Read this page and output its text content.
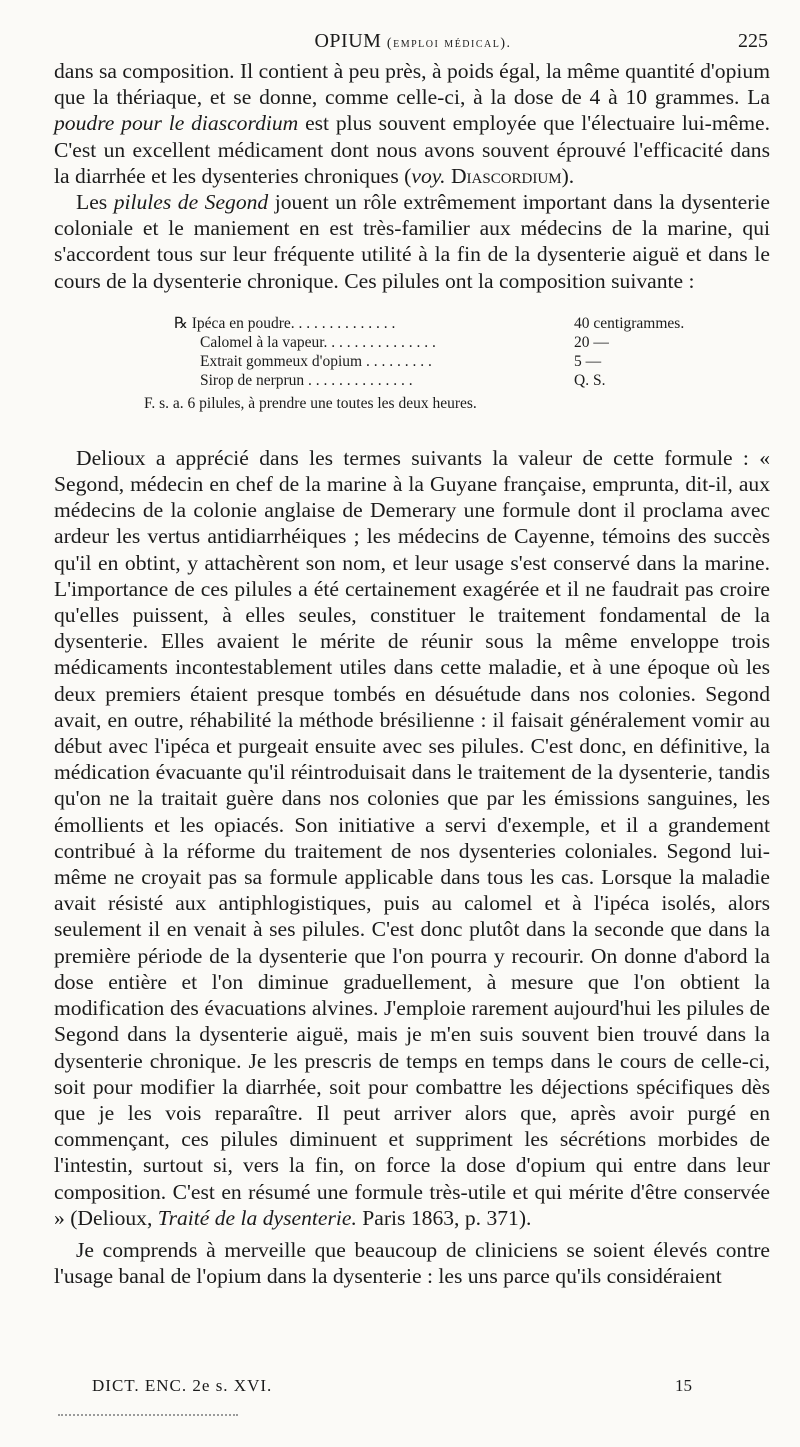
OPIUM (emploi médical).	225

dans sa composition. Il contient à peu près, à poids égal, la même quantité d'opium que la thériaque, et se donne, comme celle-ci, à la dose de 4 à 10 grammes. La poudre pour le diascordium est plus souvent employée que l'électuaire lui-même. C'est un excellent médicament dont nous avons souvent éprouvé l'efficacité dans la diarrhée et les dysenteries chroniques (voy. Diascordium).

Les pilules de Segond jouent un rôle extrêmement important dans la dysenterie coloniale et le maniement en est très-familier aux médecins de la marine, qui s'accordent tous sur leur fréquente utilité à la fin de la dysenterie aiguë et dans le cours de la dysenterie chronique. Ces pilules ont la composition suivante :

℞ Ipéca en poudre. . . . . . . . . . . . . .	40 centigrammes.
Calomel à la vapeur. . . . . . . . . . . . . . .	20 —
Extrait gommeux d'opium . . . . . . . . .	5 —
Sirop de nerprun . . . . . . . . . . . . . .	Q. S.
F. s. a. 6 pilules, à prendre une toutes les deux heures.

Delioux a apprécié dans les termes suivants la valeur de cette formule : « Segond, médecin en chef de la marine à la Guyane française, emprunta, dit-il, aux médecins de la colonie anglaise de Demerary une formule dont il proclama avec ardeur les vertus antidiarrhéiques ; les médecins de Cayenne, témoins des succès qu'il en obtint, y attachèrent son nom, et leur usage s'est conservé dans la marine. L'importance de ces pilules a été certainement exagérée et il ne faudrait pas croire qu'elles puissent, à elles seules, constituer le traitement fondamental de la dysenterie. Elles avaient le mérite de réunir sous la même enveloppe trois médicaments incontestablement utiles dans cette maladie, et à une époque où les deux premiers étaient presque tombés en désuétude dans nos colonies. Segond avait, en outre, réhabilité la méthode brésilienne : il faisait généralement vomir au début avec l'ipéca et purgeait ensuite avec ses pilules. C'est donc, en définitive, la médication évacuante qu'il réintroduisait dans le traitement de la dysenterie, tandis qu'on ne la traitait guère dans nos colonies que par les émissions sanguines, les émollients et les opiacés. Son initiative a servi d'exemple, et il a grandement contribué à la réforme du traitement de nos dysenteries coloniales. Segond lui-même ne croyait pas sa formule applicable dans tous les cas. Lorsque la maladie avait résisté aux antiphlogistiques, puis au calomel et à l'ipéca isolés, alors seulement il en venait à ses pilules. C'est donc plutôt dans la seconde que dans la première période de la dysenterie que l'on pourra y recourir. On donne d'abord la dose entière et l'on diminue graduellement, à mesure que l'on obtient la modification des évacuations alvines. J'emploie rarement aujourd'hui les pilules de Segond dans la dysenterie aiguë, mais je m'en suis souvent bien trouvé dans la dysenterie chronique. Je les prescris de temps en temps dans le cours de celle-ci, soit pour modifier la diarrhée, soit pour combattre les déjections spécifiques dès que je les vois reparaître. Il peut arriver alors que, après avoir purgé en commençant, ces pilules diminuent et suppriment les sécrétions morbides de l'intestin, surtout si, vers la fin, on force la dose d'opium qui entre dans leur composition. C'est en résumé une formule très-utile et qui mérite d'être conservée » (Delioux, Traité de la dysenterie. Paris 1863, p. 371).

Je comprends à merveille que beaucoup de cliniciens se soient élevés contre l'usage banal de l'opium dans la dysenterie : les uns parce qu'ils considéraient

DICT. ENC. 2e s. XVI.	15
